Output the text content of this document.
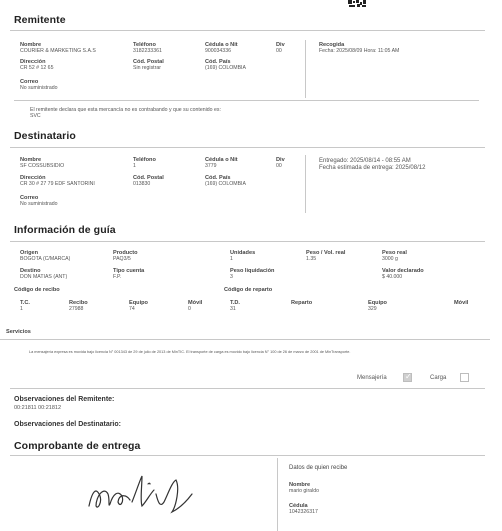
Remitente
Nombre
COURIER & MARKETING S.A.S
Teléfono
3182233361
Cédula o Nit
900034336
Div
00
Recogida
Fecha: 2025/08/09 Hora: 11:05 AM
Dirección
CR 52 # 12 65
Cód. Postal
Sin registrar
Cód. País
(169) COLOMBIA
Correo
No suministrado
El remitente declara que esta mercancía no es contrabando y que su contenido es:
SVC
Destinatario
Nombre
SF COSSUBSIDIO
Teléfono
1
Cédula o Nit
3779
Div
00
Entregado: 2025/08/14 - 08:55 AM
Fecha estimada de entrega: 2025/08/12
Dirección
CR 30 # 27 79 EDF SANTORINI
Cód. Postal
013830
Cód. País
(169) COLOMBIA
Correo
No suministrado
Información de guía
Origen
BOGOTA (C/MARCA)
Producto
PAQ3/5
Unidades
1
Peso / Vol. real
1.35
Peso real
3000 g
Destino
DON MATIAS (ANT)
Tipo cuenta
F.P.
Peso liquidación
3
Valor declarado
$ 40.000
Código de recibo	Código de reparto
T.C.	Recibo	Equipo	Móvil
1	27988	74	0
T.D.	Reparto	Equipo	Móvil
31	329
Servicios
La mensajería expresa es movida bajo licencia N° 001343 de 29 de julio de 2013 de MinTIC. El transporte de carga es movido bajo licencia N° 100 de 26 de marzo de 2001 de MinTransporte.
Mensajería
✓	Carga
Observaciones del Remitente:
00:21811 00:21812
Observaciones del Destinatario:
Comprobante de entrega
Datos de quien recibe
Nombre
mario giraldo
Cédula
1042326317
